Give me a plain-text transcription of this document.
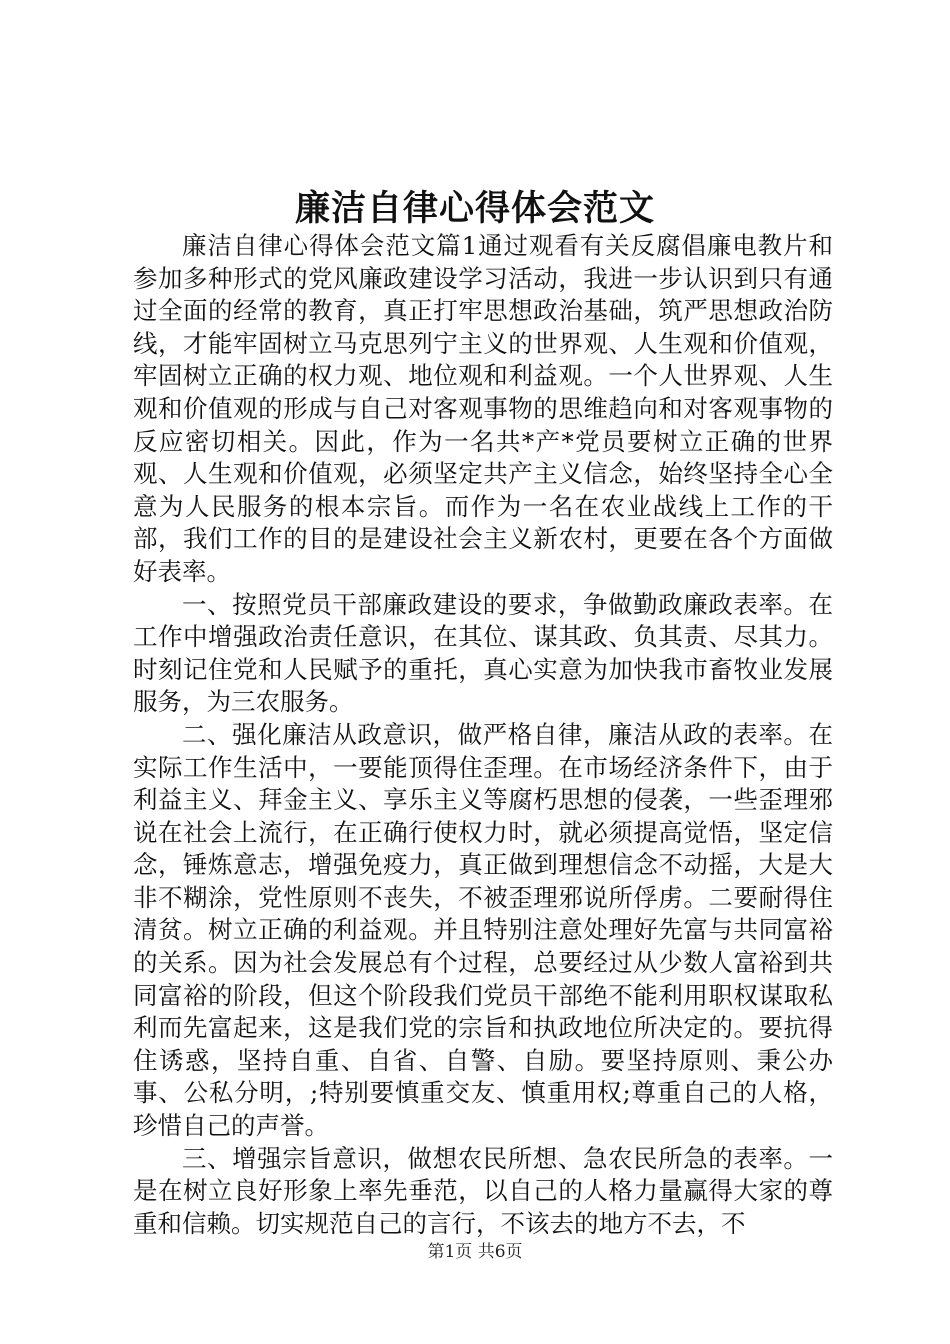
廉洁自律心得体会范文

廉洁自律心得体会范文篇1通过观看有关反腐倡廉电教片和参加多种形式的党风廉政建设学习活动，我进一步认识到只有通过全面的经常的教育，真正打牢思想政治基础，筑严思想政治防线，才能牢固树立马克思列宁主义的世界观、人生观和价值观，牢固树立正确的权力观、地位观和利益观。一个人世界观、人生观和价值观的形成与自己对客观事物的思维趋向和对客观事物的反应密切相关。因此，作为一名共*产*党员要树立正确的世界观、人生观和价值观，必须坚定共产主义信念，始终坚持全心全意为人民服务的根本宗旨。而作为一名在农业战线上工作的干部，我们工作的目的是建设社会主义新农村，更要在各个方面做好表率。

一、按照党员干部廉政建设的要求，争做勤政廉政表率。在工作中增强政治责任意识，在其位、谋其政、负其责、尽其力。时刻记住党和人民赋予的重托，真心实意为加快我市畜牧业发展服务，为三农服务。

二、强化廉洁从政意识，做严格自律，廉洁从政的表率。在实际工作生活中，一要能顶得住歪理。在市场经济条件下，由于利益主义、拜金主义、享乐主义等腐朽思想的侵袭，一些歪理邪说在社会上流行，在正确行使权力时，就必须提高觉悟，坚定信念，锤炼意志，增强免疫力，真正做到理想信念不动摇，大是大非不糊涂，党性原则不丧失，不被歪理邪说所俘虏。二要耐得住清贫。树立正确的利益观。并且特别注意处理好先富与共同富裕的关系。因为社会发展总有个过程，总要经过从少数人富裕到共同富裕的阶段，但这个阶段我们党员干部绝不能利用职权谋取私利而先富起来，这是我们党的宗旨和执政地位所决定的。要抗得住诱惑，坚持自重、自省、自警、自励。要坚持原则、秉公办事、公私分明，;特别要慎重交友、慎重用权;尊重自己的人格，珍惜自己的声誉。

三、增强宗旨意识，做想农民所想、急农民所急的表率。一是在树立良好形象上率先垂范，以自己的人格力量赢得大家的尊重和信赖。切实规范自己的言行，不该去的地方不去，不

第1页 共6页
